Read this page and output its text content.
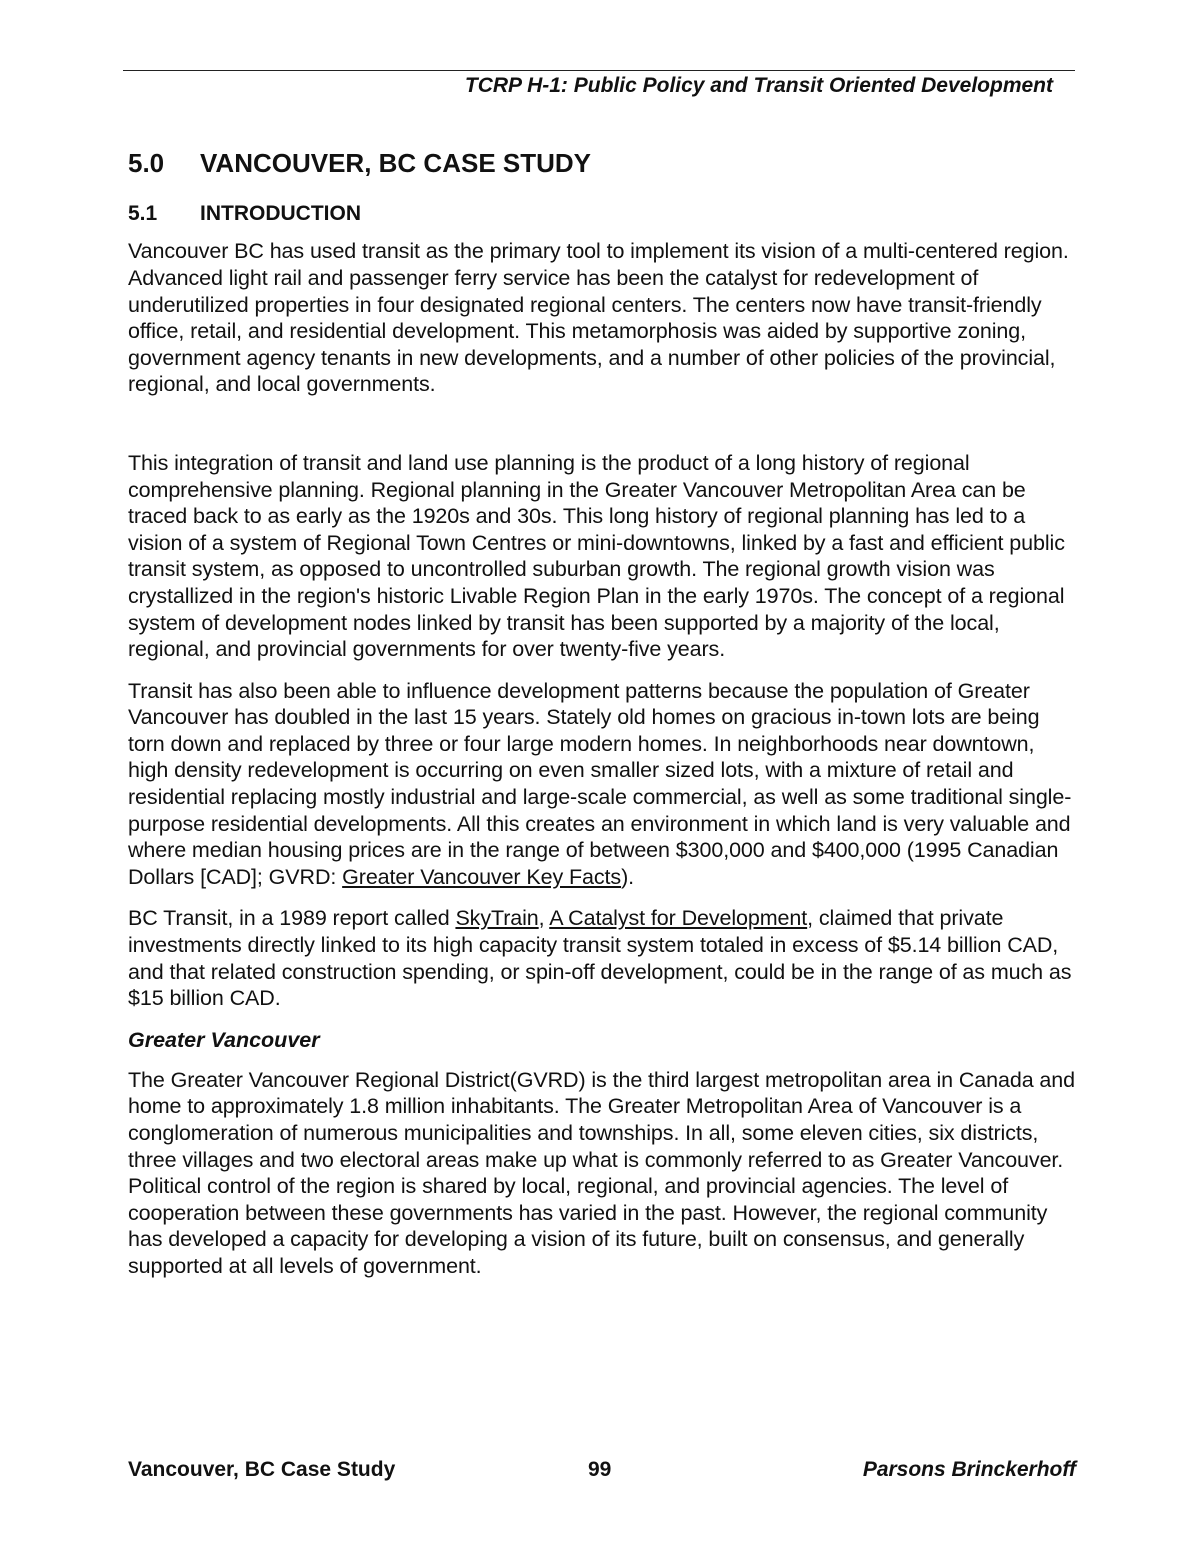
TCRP H-1: Public Policy and Transit Oriented Development
5.0	VANCOUVER, BC CASE STUDY
5.1	INTRODUCTION

Vancouver BC has used transit as the primary tool to implement its vision of a multi-centered region. Advanced light rail and passenger ferry service has been the catalyst for redevelopment of underutilized properties in four designated regional centers. The centers now have transit-friendly office, retail, and residential development. This metamorphosis was aided by supportive zoning, government agency tenants in new developments, and a number of other policies of the provincial, regional, and local governments.

This integration of transit and land use planning is the product of a long history of regional comprehensive planning. Regional planning in the Greater Vancouver Metropolitan Area can be traced back to as early as the 1920s and 30s. This long history of regional planning has led to a vision of a system of Regional Town Centres or mini-downtowns, linked by a fast and efficient public transit system, as opposed to uncontrolled suburban growth. The regional growth vision was crystallized in the region's historic Livable Region Plan in the early 1970s. The concept of a regional system of development nodes linked by transit has been supported by a majority of the local, regional, and provincial governments for over twenty-five years.

Transit has also been able to influence development patterns because the population of Greater Vancouver has doubled in the last 15 years. Stately old homes on gracious in-town lots are being torn down and replaced by three or four large modern homes. In neighborhoods near downtown, high density redevelopment is occurring on even smaller sized lots, with a mixture of retail and residential replacing mostly industrial and large-scale commercial, as well as some traditional single-purpose residential developments. All this creates an environment in which land is very valuable and where median housing prices are in the range of between $300,000 and $400,000 (1995 Canadian Dollars [CAD]; GVRD: Greater Vancouver Key Facts).

BC Transit, in a 1989 report called SkyTrain, A Catalyst for Development, claimed that private investments directly linked to its high capacity transit system totaled in excess of $5.14 billion CAD, and that related construction spending, or spin-off development, could be in the range of as much as $15 billion CAD.

Greater Vancouver

The Greater Vancouver Regional District(GVRD) is the third largest metropolitan area in Canada and home to approximately 1.8 million inhabitants. The Greater Metropolitan Area of Vancouver is a conglomeration of numerous municipalities and townships. In all, some eleven cities, six districts, three villages and two electoral areas make up what is commonly referred to as Greater Vancouver. Political control of the region is shared by local, regional, and provincial agencies. The level of cooperation between these governments has varied in the past. However, the regional community has developed a capacity for developing a vision of its future, built on consensus, and generally supported at all levels of government.

Vancouver, BC Case Study	99	Parsons Brinckerhoff
